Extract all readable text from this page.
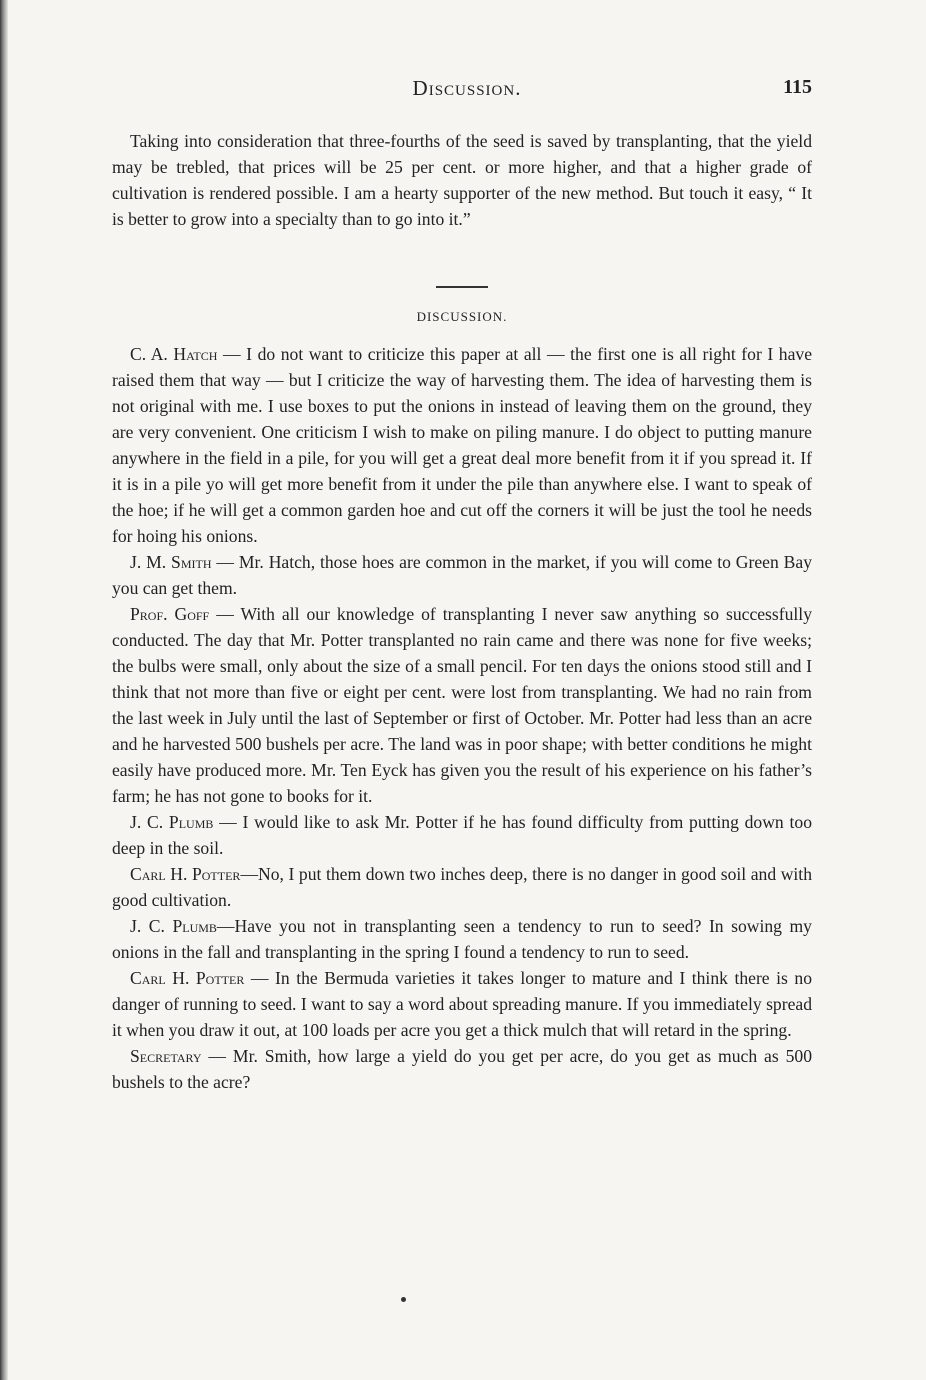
Discussion.	115

Taking into consideration that three-fourths of the seed is saved by transplanting, that the yield may be trebled, that prices will be 25 per cent. or more higher, and that a higher grade of cultivation is rendered possible. I am a hearty supporter of the new method. But touch it easy, “ It is better to grow into a specialty than to go into it.”

DISCUSSION.

C. A. Hatch — I do not want to criticize this paper at all — the first one is all right for I have raised them that way — but I criticize the way of harvesting them. The idea of harvesting them is not original with me. I use boxes to put the onions in instead of leaving them on the ground, they are very convenient. One criticism I wish to make on piling manure. I do object to putting manure anywhere in the field in a pile, for you will get a great deal more benefit from it if you spread it. If it is in a pile yo will get more benefit from it under the pile than anywhere else. I want to speak of the hoe; if he will get a common garden hoe and cut off the corners it will be just the tool he needs for hoing his onions.

J. M. Smith — Mr. Hatch, those hoes are common in the market, if you will come to Green Bay you can get them.

Prof. Goff — With all our knowledge of transplanting I never saw anything so successfully conducted. The day that Mr. Potter transplanted no rain came and there was none for five weeks; the bulbs were small, only about the size of a small pencil. For ten days the onions stood still and I think that not more than five or eight per cent. were lost from transplanting. We had no rain from the last week in July until the last of September or first of October. Mr. Potter had less than an acre and he harvested 500 bushels per acre. The land was in poor shape; with better conditions he might easily have produced more. Mr. Ten Eyck has given you the result of his experience on his father’s farm; he has not gone to books for it.

J. C. Plumb — I would like to ask Mr. Potter if he has found difficulty from putting down too deep in the soil.

Carl H. Potter—No, I put them down two inches deep, there is no danger in good soil and with good cultivation.

J. C. Plumb—Have you not in transplanting seen a tendency to run to seed? In sowing my onions in the fall and transplanting in the spring I found a tendency to run to seed.

Carl H. Potter — In the Bermuda varieties it takes longer to mature and I think there is no danger of running to seed. I want to say a word about spreading manure. If you immediately spread it when you draw it out, at 100 loads per acre you get a thick mulch that will retard in the spring.

Secretary — Mr. Smith, how large a yield do you get per acre, do you get as much as 500 bushels to the acre?
